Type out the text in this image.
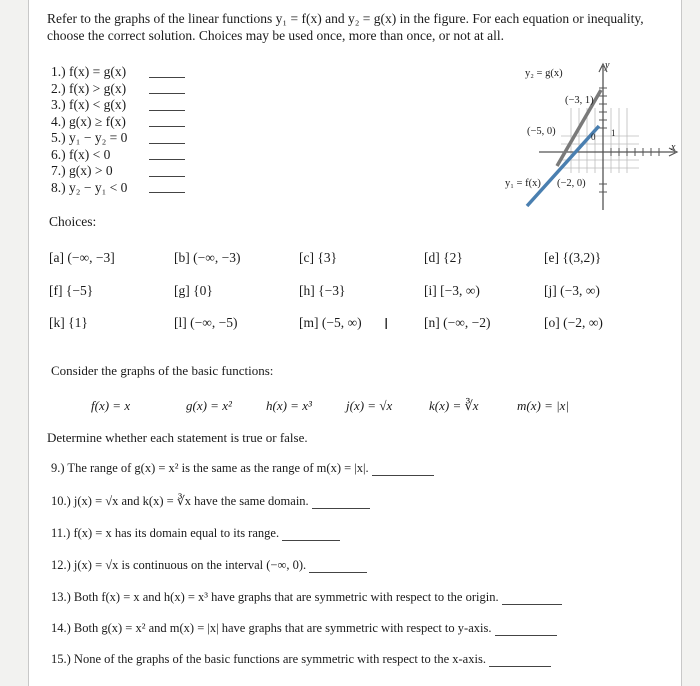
Refer to the graphs of the linear functions y₁ = f(x) and y₂ = g(x) in the figure. For each equation or inequality, choose the correct solution. Choices may be used once, more than once, or not at all.
1.) f(x) = g(x)
2.) f(x) > g(x)
3.) f(x) < g(x)
4.) g(x) ≥ f(x)
5.) y₁ − y₂ = 0
6.) f(x) < 0
7.) g(x) > 0
8.) y₂ − y₁ < 0
y₂ = g(x)
y
x
(−3, 1)
(−5, 0)	0 1
y₁ = f(x) (−2, 0)
Choices:
[a] (−∞, −3]	[b] (−∞, −3)	[c] {3}	[d] {2}	[e] {(3,2)}
[f] {−5}	[g] {0}	[h] {−3}	[i] [−3, ∞)	[j] (−3, ∞)
[k] {1}	[l] (−∞, −5)	[m] (−5, ∞) I	[n] (−∞, −2)	[o] (−2, ∞)
Consider the graphs of the basic functions:
f(x) = x	g(x) = x²	h(x) = x³	j(x) = √x	k(x) = ∛x	m(x) = |x|
Determine whether each statement is true or false.
9.) The range of g(x) = x² is the same as the range of m(x) = |x|.
10.) j(x) = √x and k(x) = ∛x have the same domain.
11.) f(x) = x has its domain equal to its range.
12.) j(x) = √x is continuous on the interval (−∞, 0).
13.) Both f(x) = x and h(x) = x³ have graphs that are symmetric with respect to the origin.
14.) Both g(x) = x² and m(x) = |x| have graphs that are symmetric with respect to y-axis.
15.) None of the graphs of the basic functions are symmetric with respect to the x-axis.
